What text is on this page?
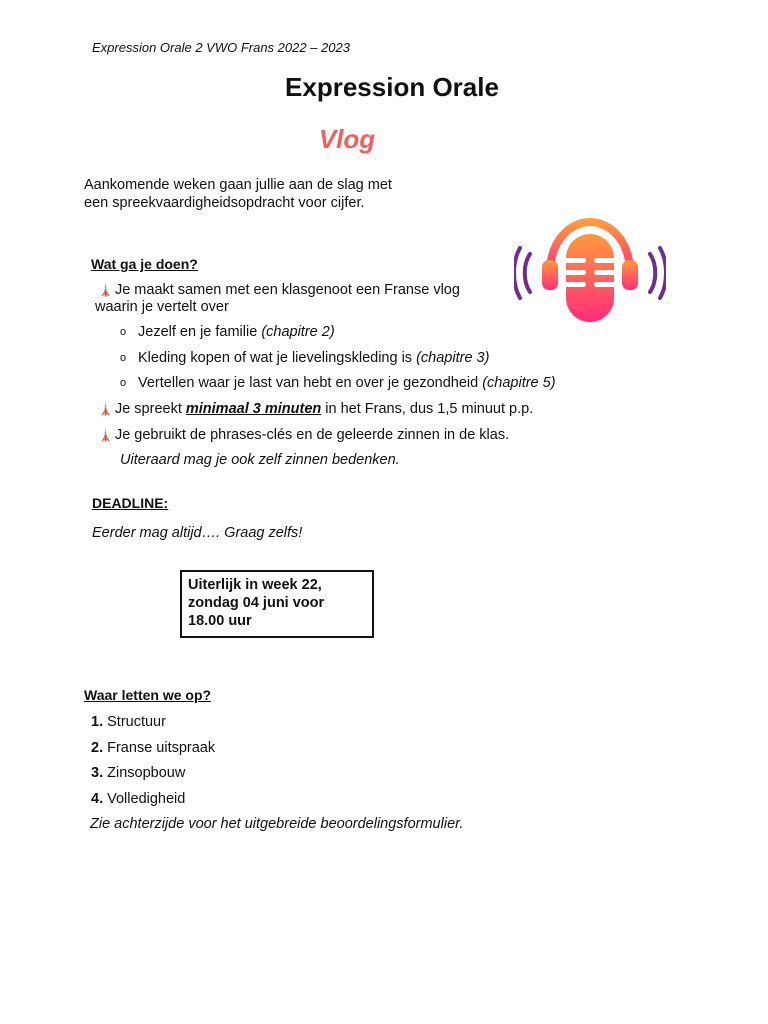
Expression Orale 2 VWO Frans 2022 – 2023
Expression Orale
Vlog
Aankomende weken gaan jullie aan de slag met
een spreekvaardigheidsopdracht voor cijfer.
Wat ga je doen?
🗼 Je maakt samen met een klasgenoot een Franse vlog
waarin je vertelt over
o Jezelf en je familie (chapitre 2)
o Kleding kopen of wat je lievelingskleding is (chapitre 3)
o Vertellen waar je last van hebt en over je gezondheid (chapitre 5)
🗼 Je spreekt minimaal 3 minuten in het Frans, dus 1,5 minuut p.p.
🗼 Je gebruikt de phrases-clés en de geleerde zinnen in de klas.
Uiteraard mag je ook zelf zinnen bedenken.
DEADLINE:
Eerder mag altijd…. Graag zelfs!
Uiterlijk in week 22,
zondag 04 juni voor
18.00 uur
Waar letten we op?
1. Structuur
2. Franse uitspraak
3. Zinsopbouw
4. Volledigheid
Zie achterzijde voor het uitgebreide beoordelingsformulier.
